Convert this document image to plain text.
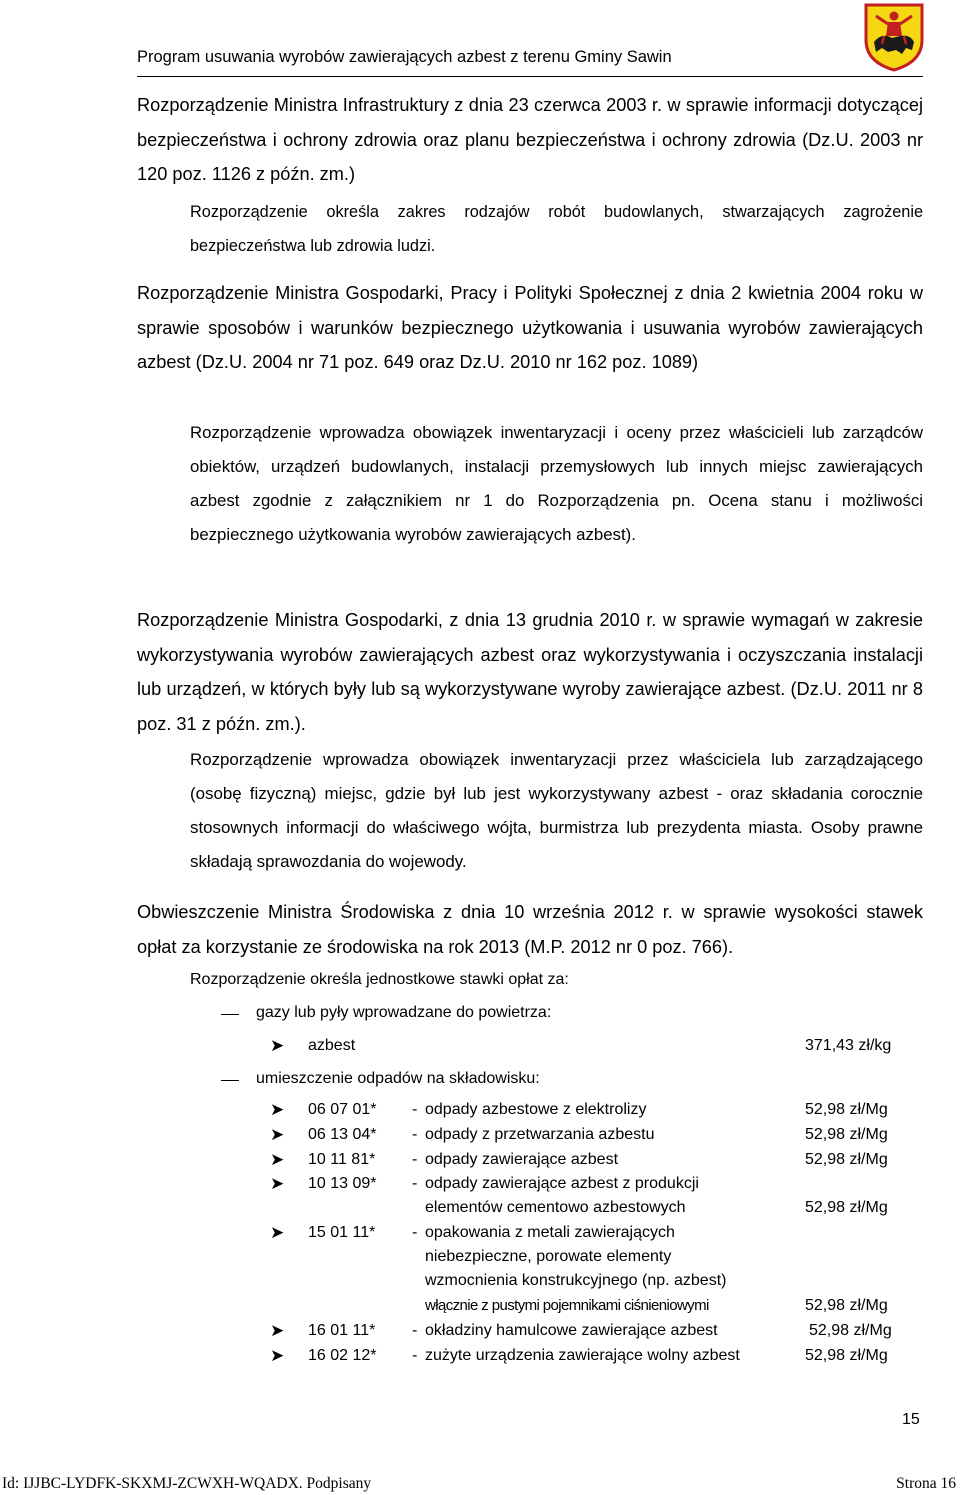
Program usuwania wyrobów zawierających azbest z terenu Gminy Sawin
Rozporządzenie Ministra Infrastruktury z dnia 23 czerwca 2003 r. w sprawie informacji dotyczącej bezpieczeństwa i ochrony zdrowia oraz planu bezpieczeństwa i ochrony zdrowia (Dz.U. 2003 nr 120 poz. 1126 z późn. zm.)
Rozporządzenie określa zakres rodzajów robót budowlanych, stwarzających zagrożenie bezpieczeństwa lub zdrowia ludzi.
Rozporządzenie Ministra Gospodarki, Pracy i Polityki Społecznej z dnia 2 kwietnia 2004 roku w sprawie sposobów i warunków bezpiecznego użytkowania i usuwania wyrobów zawierających azbest (Dz.U. 2004 nr 71 poz. 649 oraz Dz.U. 2010 nr 162 poz. 1089)
Rozporządzenie wprowadza obowiązek inwentaryzacji i oceny przez właścicieli lub zarządców obiektów, urządzeń budowlanych, instalacji przemysłowych lub innych miejsc zawierających azbest zgodnie z załącznikiem nr 1 do Rozporządzenia pn. Ocena stanu i możliwości bezpiecznego użytkowania wyrobów zawierających azbest).
Rozporządzenie Ministra Gospodarki, z dnia 13 grudnia 2010 r. w sprawie wymagań w zakresie wykorzystywania wyrobów zawierających azbest oraz wykorzystywania i oczyszczania instalacji lub urządzeń, w których były lub są wykorzystywane wyroby zawierające azbest. (Dz.U. 2011 nr 8 poz. 31 z późn. zm.).
Rozporządzenie wprowadza obowiązek inwentaryzacji przez właściciela lub zarządzającego (osobę fizyczną) miejsc, gdzie był lub jest wykorzystywany azbest - oraz składania corocznie stosownych informacji do właściwego wójta, burmistrza lub prezydenta miasta. Osoby prawne składają sprawozdania do wojewody.
Obwieszczenie Ministra Środowiska z dnia 10 września 2012 r. w sprawie wysokości stawek opłat za korzystanie ze środowiska na rok 2013 (M.P. 2012 nr 0 poz. 766).
Rozporządzenie określa jednostkowe stawki opłat za:
gazy lub pyły wprowadzane do powietrza:
➤ azbest	371,43 zł/kg
umieszczenie odpadów na składowisku:
➤ 06 07 01* - odpady azbestowe z elektrolizy	52,98 zł/Mg
➤ 06 13 04* - odpady z przetwarzania azbestu	52,98 zł/Mg
➤ 10 11 81* - odpady zawierające azbest	52,98 zł/Mg
➤ 10 13 09* - odpady zawierające azbest z produkcji
elementów cementowo azbestowych	52,98 zł/Mg
➤ 15 01 11* - opakowania z metali zawierających
niebezpieczne, porowate elementy
wzmocnienia konstrukcyjnego (np. azbest)
włącznie z pustymi pojemnikami ciśnieniowymi	52,98 zł/Mg
➤ 16 01 11* - okładziny hamulcowe zawierające azbest	52,98 zł/Mg
➤ 16 02 12* - zużyte urządzenia zawierające wolny azbest	52,98 zł/Mg
15
Id: IJJBC-LYDFK-SKXMJ-ZCWXH-WQADX. Podpisany	Strona 16
